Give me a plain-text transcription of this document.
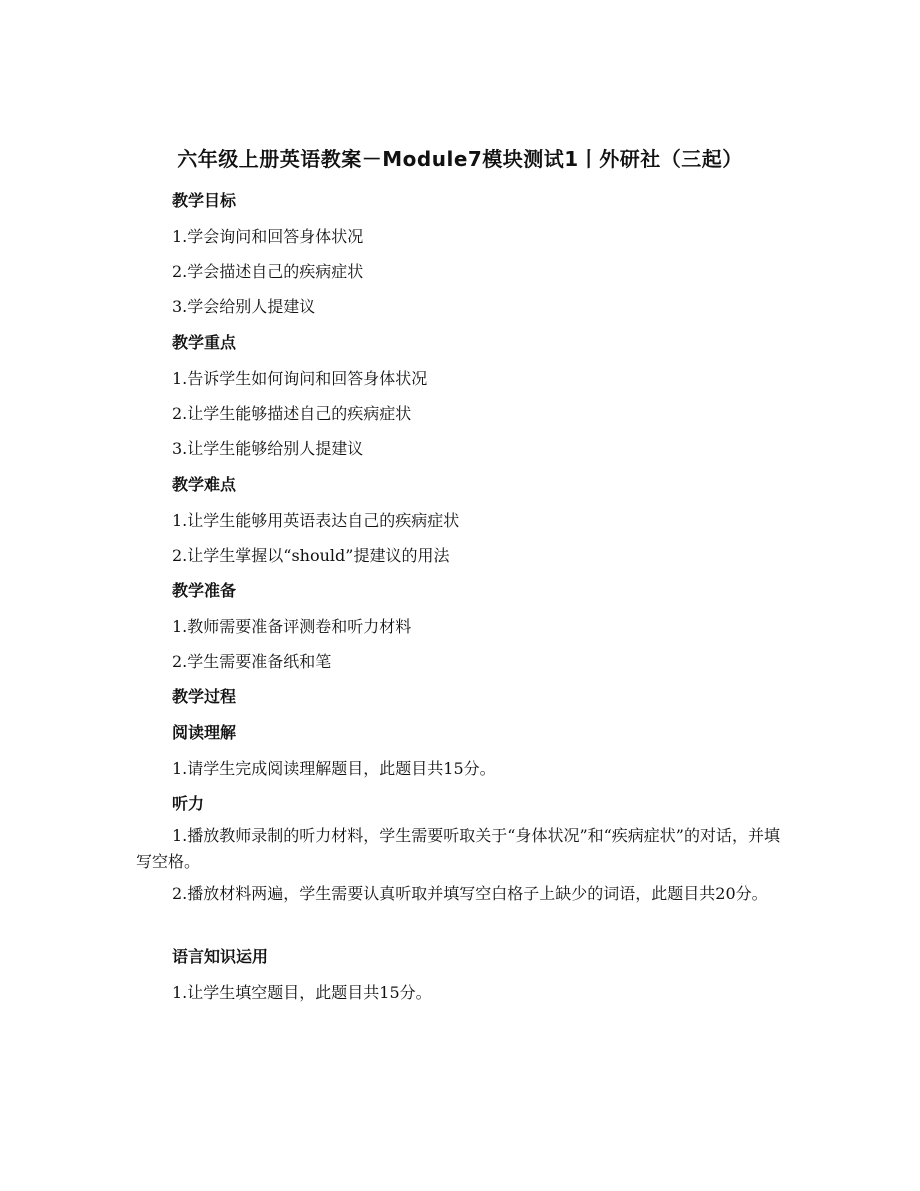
六年级上册英语教案－Module7模块测试1丨外研社（三起）
教学目标
1.学会询问和回答身体状况
2.学会描述自己的疾病症状
3.学会给别人提建议
教学重点
1.告诉学生如何询问和回答身体状况
2.让学生能够描述自己的疾病症状
3.让学生能够给别人提建议
教学难点
1.让学生能够用英语表达自己的疾病症状
2.让学生掌握以“should”提建议的用法
教学准备
1.教师需要准备评测卷和听力材料
2.学生需要准备纸和笔
教学过程
阅读理解
1.请学生完成阅读理解题目，此题目共15分。
听力
1.播放教师录制的听力材料，学生需要听取关于“身体状况”和“疾病症状”的对话，并填写空格。
2.播放材料两遍，学生需要认真听取并填写空白格子上缺少的词语，此题目共20分。
语言知识运用
1.让学生填空题目，此题目共15分。
